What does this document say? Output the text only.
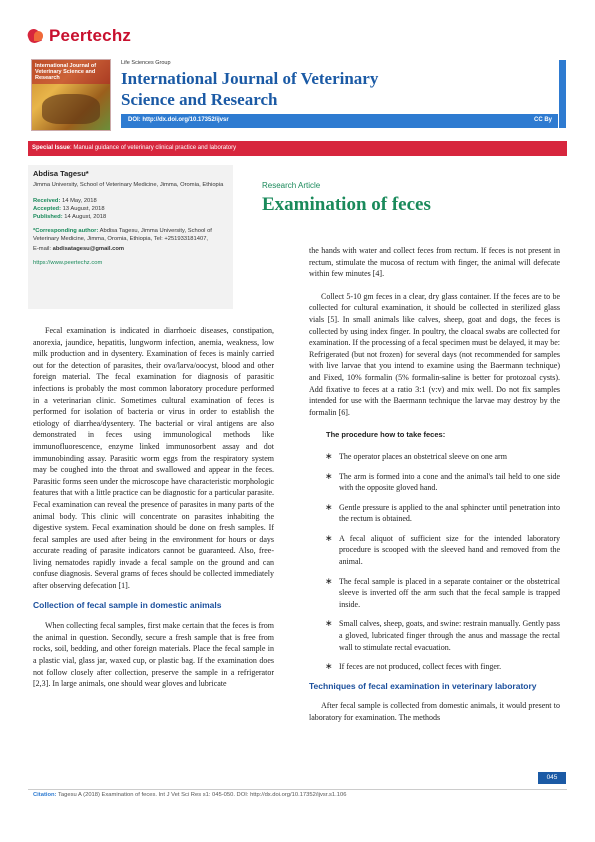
Peertechz
International Journal of Veterinary Science and Research
Life Sciences Group
International Journal of Veterinary
Science and Research
DOI: http://dx.doi.org/10.17352/ijvsr	CC By
Special Issue: Manual guidance of veterinary clinical practice and laboratory
Abdisa Tagesu*
Jimma University, School of Veterinary Medicine, Jimma, Oromia, Ethiopia
Received: 14 May, 2018
Accepted: 13 August, 2018
Published: 14 August, 2018
*Corresponding author: Abdisa Tagesu, Jimma University, School of Veterinary Medicine, Jimma, Oromia, Ethiopia, Tel: +251933181407,
E-mail: abdisatagesu@gmail.com
https://www.peertechz.com
Research Article
Examination of feces

Fecal examination is indicated in diarrhoeic diseases, constipation, anorexia, jaundice, hepatitis, lungworm infection, anemia, weakness, low milk production and in dysentery. Examination of feces is mainly carried out for the detection of parasites, their ova/larva/oocyst, blood and other foreign material. The fecal examination for diagnosis of parasitic infections is probably the most common laboratory procedure performed in a veterinarian clinic. Sometimes cultural examination of feces is performed for isolation of bacteria or virus in order to establish the etiology of diarrhea/dysentery. The bacterial or viral antigens are also demonstrated in feces using immunological methods like immunofluorescence, enzyme linked immunosorbent assay and dot immunobinding assay. Parasitic worm eggs from the respiratory system may be coughed into the throat and swallowed and appear in the feces. Parasitic forms seen under the microscope have characteristic morphologic features that with a little practice can be diagnostic for a particular parasite. Fecal examination can reveal the presence of parasites in many parts of the animal body. This clinic will concentrate on parasites inhabiting the digestive system. Fecal examination should be done on fresh samples. If fecal samples are used after being in the environment for hours or days accurate reading of parasite indicators cannot be guaranteed. Also, free- living nematodes rapidly invade a fecal sample on the ground and can confuse diagnosis. Several grams of feces should be collected immediately after observing defecation [1].

Collection of fecal sample in domestic animals

When collecting fecal samples, first make certain that the feces is from the animal in question. Secondly, secure a fresh sample that is free from rocks, soil, bedding, and other foreign materials. Place the fecal sample in a plastic vial, glass jar, waxed cup, or plastic bag. If the examination does not follow closely after collection, preserve the sample in a refrigerator [2,3]. In large animals, one should wear gloves and lubricate

the hands with water and collect feces from rectum. If feces is not present in rectum, stimulate the mucosa of rectum with finger, the animal will defecate within few minutes [4].

Collect 5-10 gm feces in a clear, dry glass container. If the feces are to be collected for cultural examination, it should be collected in sterilized glass vials [5]. In small animals like calves, sheep, goat and dogs, the feces is collected by using index finger. In poultry, the cloacal swabs are collected for examination. If the processing of a fecal specimen must be delayed, it may be: Refrigerated (but not frozen) for several days (not recommended for samples with live larvae that you intend to examine using the Baermann technique) and Fixed, 10% formalin (5% formalin-saline is better for protozoal cysts). Add fixative to feces at a ratio 3:1 (v:v) and mix well. Do not fix samples intended for use with the Baermann technique the larvae may destroy by the formalin [6].

The procedure how to take feces:

∗ The operator places an obstetrical sleeve on one arm
∗ The arm is formed into a cone and the animal's tail held to one side with the opposite gloved hand.
∗ Gentle pressure is applied to the anal sphincter until penetration into the rectum is obtained.
∗ A fecal aliquot of sufficient size for the intended laboratory procedure is scooped with the sleeved hand and removed from the animal.
∗ The fecal sample is placed in a separate container or the obstetrical sleeve is inverted off the arm such that the fecal sample is trapped inside.
∗ Small calves, sheep, goats, and swine: restrain manually. Gently pass a gloved, lubricated finger through the anus and massage the rectal wall to stimulate rectal evacuation.
∗ If feces are not produced, collect feces with finger.

Techniques of fecal examination in veterinary laboratory

After fecal sample is collected from domestic animals, it would present to laboratory for examination. The methods

045
Citation: Tagesu A (2018) Examination of feces. Int J Vet Sci Res s1: 045-050. DOI: http://dx.doi.org/10.17352/ijvsr.s1.106
